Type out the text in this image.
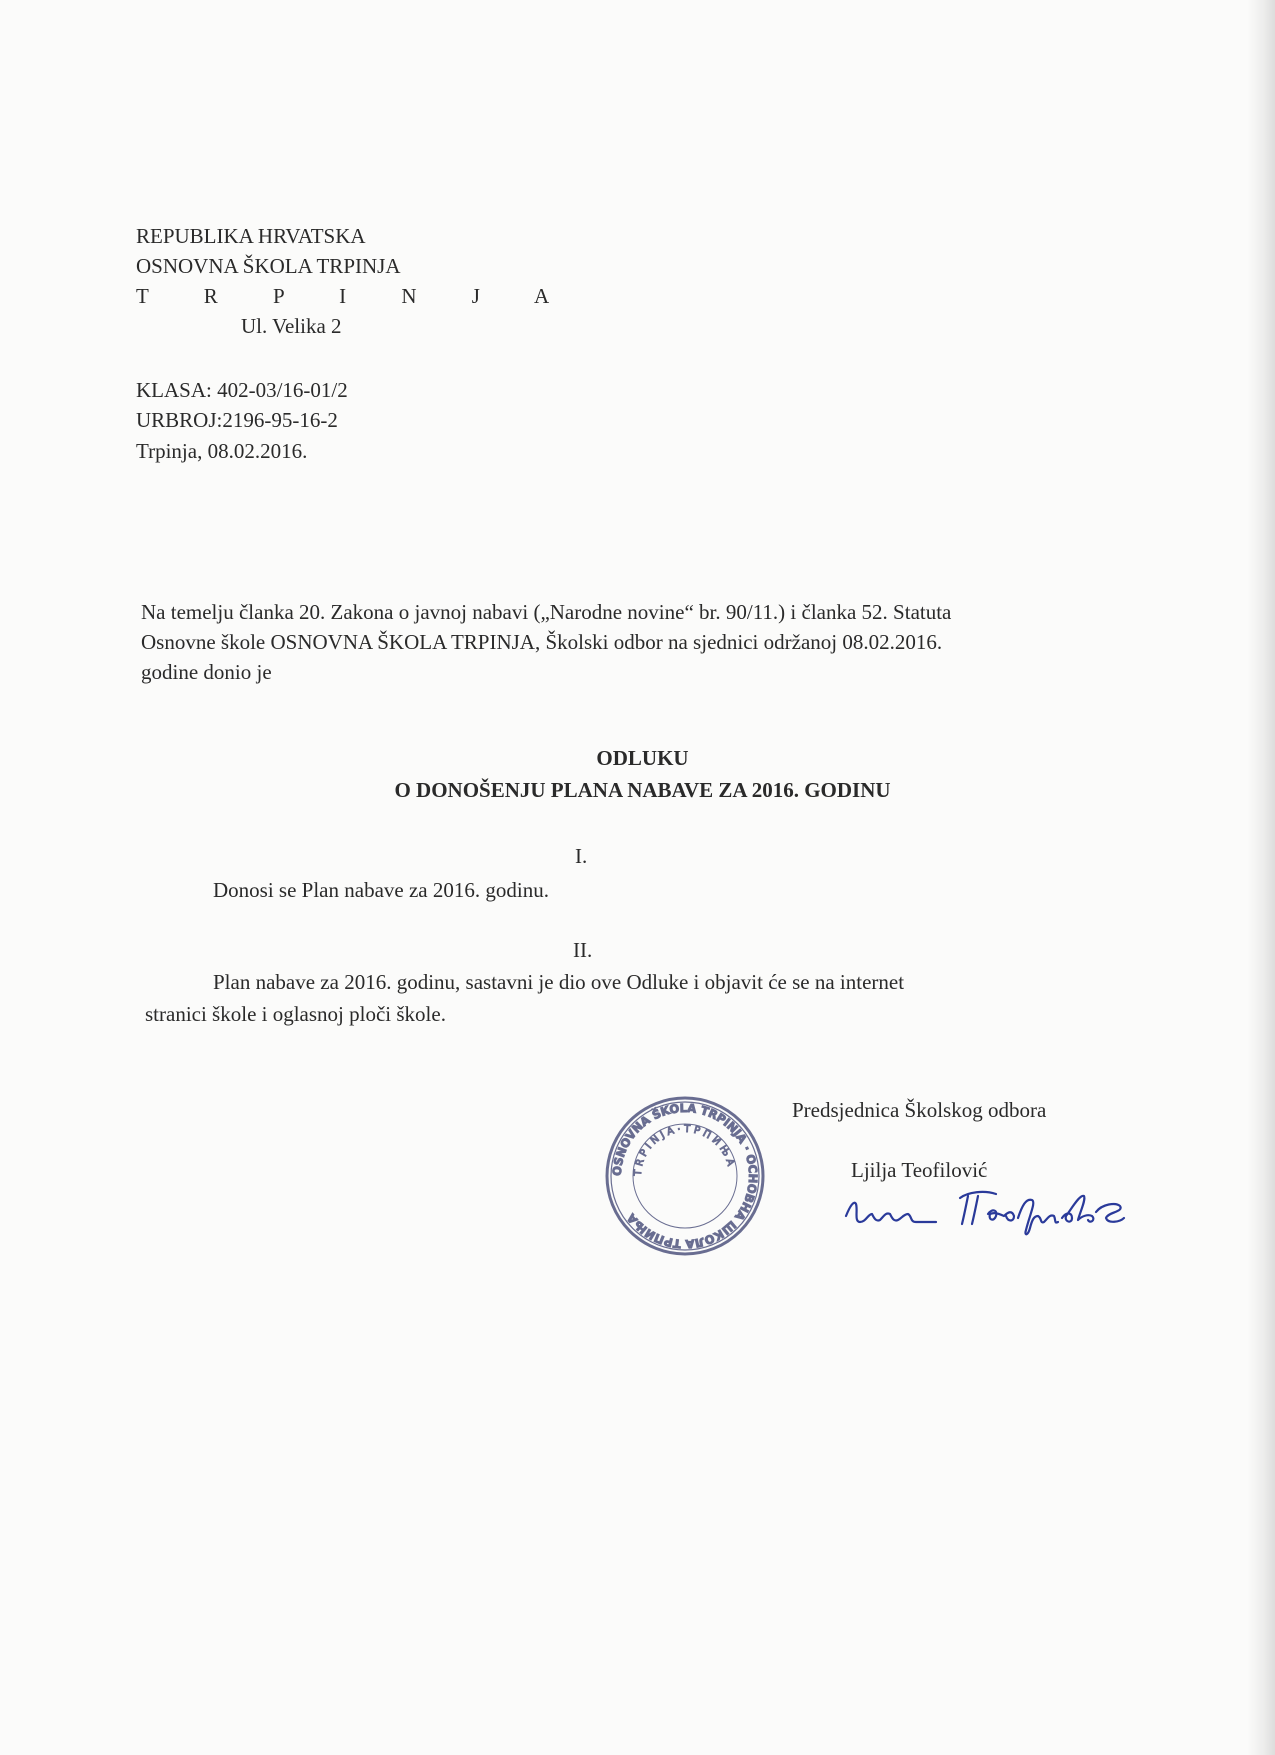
REPUBLIKA HRVATSKA
OSNOVNA ŠKOLA TRPINJA
T R P I N J A
Ul. Velika 2
KLASA: 402-03/16-01/2
URBROJ:2196-95-16-2
Trpinja, 08.02.2016.
Na temelju članka 20. Zakona o javnoj nabavi („Narodne novine“ br. 90/11.) i članka 52. Statuta
Osnovne škole OSNOVNA ŠKOLA TRPINJA, Školski odbor na sjednici održanoj 08.02.2016.
godine donio je
ODLUKU
O DONOŠENJU PLANA NABAVE ZA 2016. GODINU
I.
Donosi se Plan nabave za 2016. godinu.
II.
Plan nabave za 2016. godinu, sastavni je dio ove Odluke i objavit će se na internet
stranici škole i oglasnoj ploči škole.
Predsjednica Školskog odbora
Ljilja Teofilović
OSNOVNA ŠKOLA TRPINJA · ОСНОВНА ШКОЛА ТРПИЊА
T R P I N J A · Т Р П И Њ А
